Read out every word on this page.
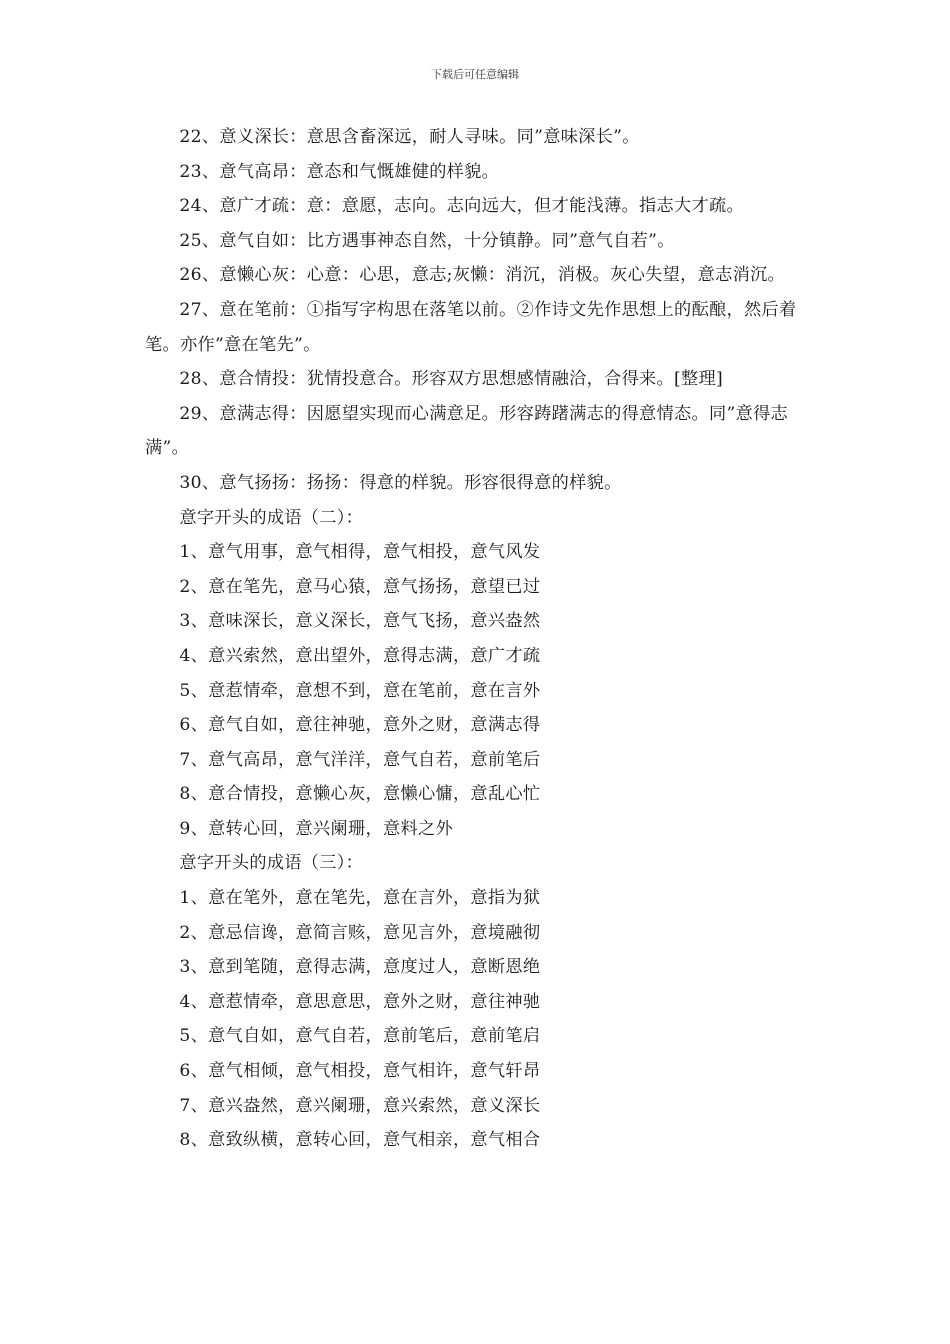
下载后可任意编辑

22、意义深长：意思含畜深远，耐人寻味。同”意味深长”。

23、意气高昂：意态和气慨雄健的样貌。

24、意广才疏：意：意愿，志向。志向远大，但才能浅薄。指志大才疏。

25、意气自如：比方遇事神态自然，十分镇静。同”意气自若”。

26、意懒心灰：心意：心思，意志;灰懒：消沉，消极。灰心失望，意志消沉。

27、意在笔前：①指写字构思在落笔以前。②作诗文先作思想上的酝酿，然后着笔。亦作”意在笔先”。

28、意合情投：犹情投意合。形容双方思想感情融洽，合得来。[整理]

29、意满志得：因愿望实现而心满意足。形容踌躇满志的得意情态。同”意得志满”。

30、意气扬扬：扬扬：得意的样貌。形容很得意的样貌。

意字开头的成语（二）：

1、意气用事，意气相得，意气相投，意气风发

2、意在笔先，意马心猿，意气扬扬，意望已过

3、意味深长，意义深长，意气飞扬，意兴盎然

4、意兴索然，意出望外，意得志满，意广才疏

5、意惹情牵，意想不到，意在笔前，意在言外

6、意气自如，意往神驰，意外之财，意满志得

7、意气高昂，意气洋洋，意气自若，意前笔后

8、意合情投，意懒心灰，意懒心慵，意乱心忙

9、意转心回，意兴阑珊，意料之外

意字开头的成语（三）：

1、意在笔外，意在笔先，意在言外，意指为狱

2、意忌信谗，意简言赅，意见言外，意境融彻

3、意到笔随，意得志满，意度过人，意断恩绝

4、意惹情牵，意思意思，意外之财，意往神驰

5、意气自如，意气自若，意前笔后，意前笔启

6、意气相倾，意气相投，意气相许，意气轩昂

7、意兴盎然，意兴阑珊，意兴索然，意义深长

8、意致纵横，意转心回，意气相亲，意气相合
